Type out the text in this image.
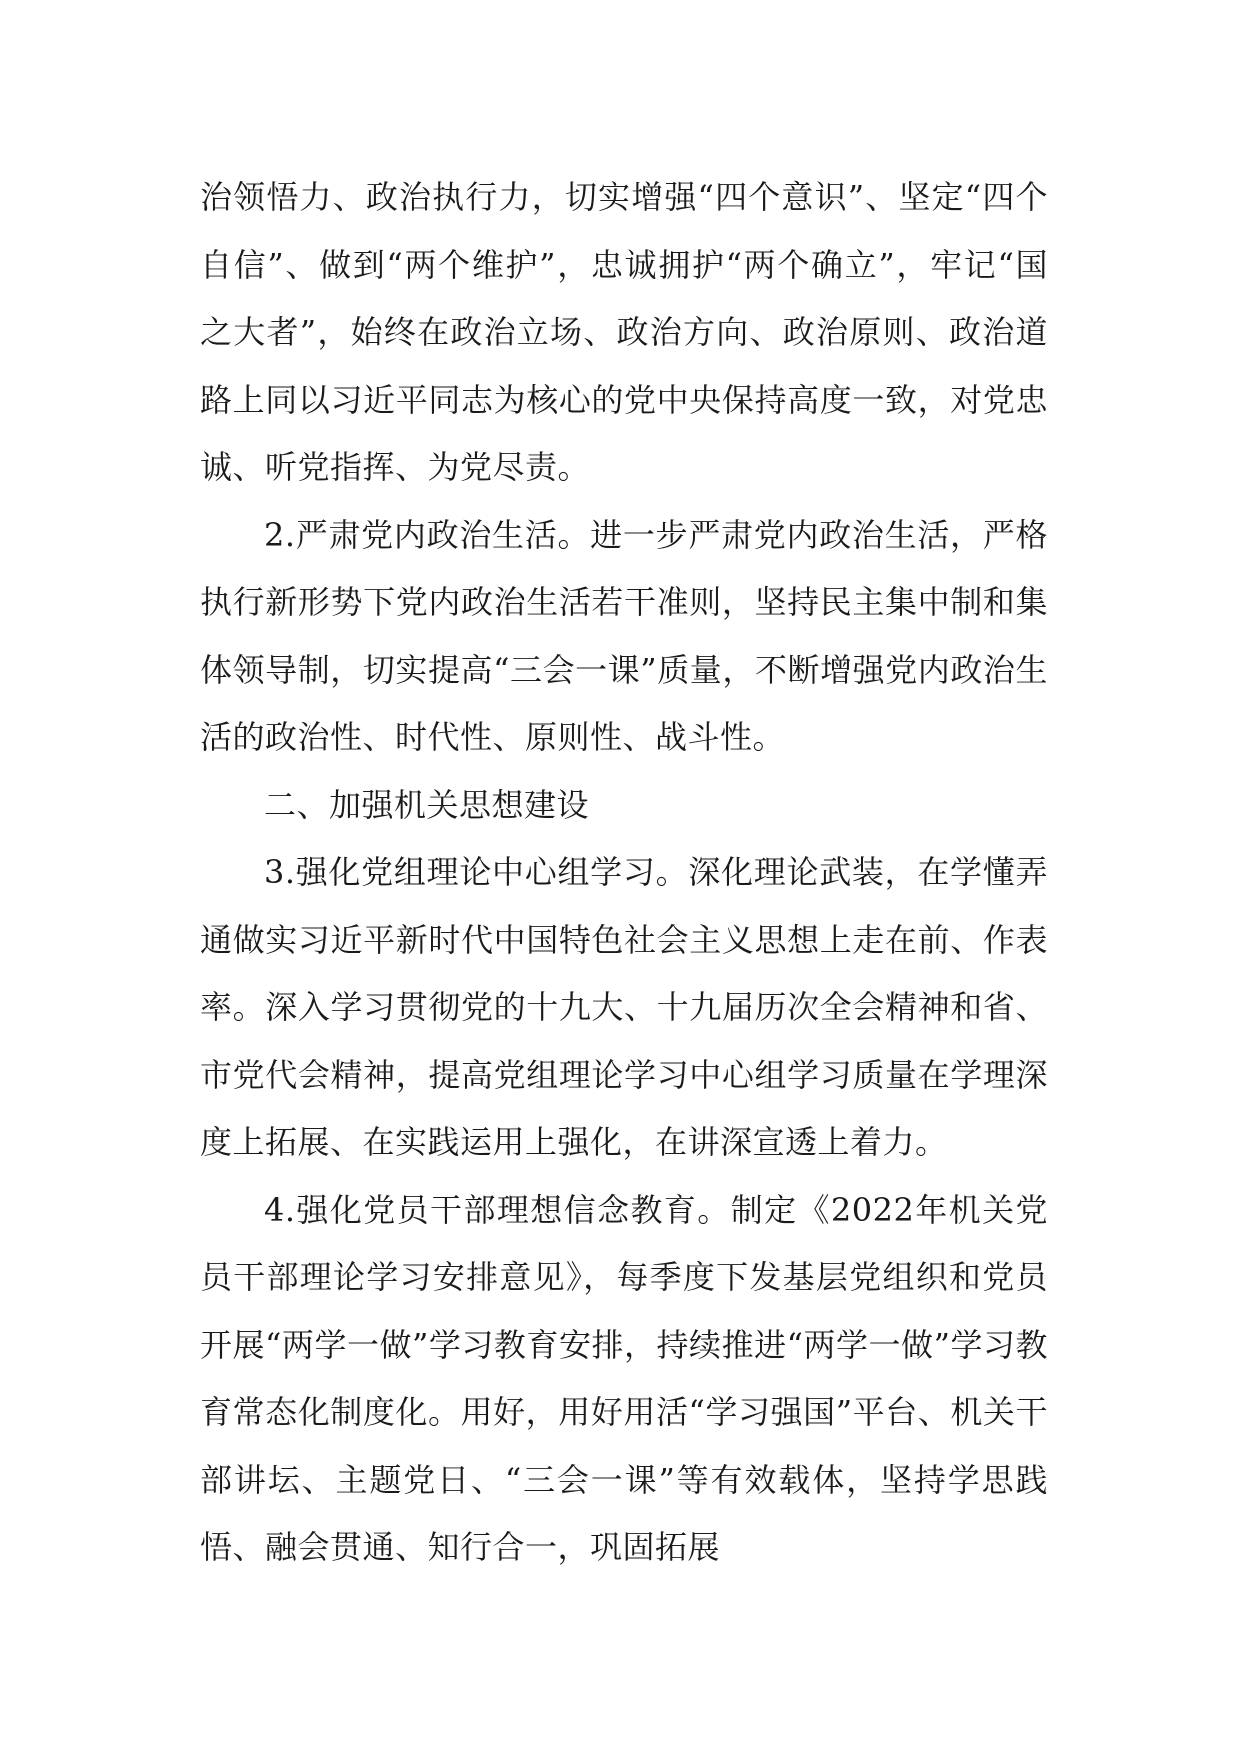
治领悟力、政治执行力，切实增强“四个意识”、坚定“四个自信”、做到“两个维护”，忠诚拥护“两个确立”，牢记“国之大者”，始终在政治立场、政治方向、政治原则、政治道路上同以习近平同志为核心的党中央保持高度一致，对党忠诚、听党指挥、为党尽责。

2.严肃党内政治生活。进一步严肃党内政治生活，严格执行新形势下党内政治生活若干准则，坚持民主集中制和集体领导制，切实提高“三会一课”质量，不断增强党内政治生活的政治性、时代性、原则性、战斗性。

二、加强机关思想建设

3.强化党组理论中心组学习。深化理论武装，在学懂弄通做实习近平新时代中国特色社会主义思想上走在前、作表率。深入学习贯彻党的十九大、十九届历次全会精神和省、市党代会精神，提高党组理论学习中心组学习质量在学理深度上拓展、在实践运用上强化，在讲深宣透上着力。

4.强化党员干部理想信念教育。制定《2022年机关党员干部理论学习安排意见》，每季度下发基层党组织和党员开展“两学一做”学习教育安排，持续推进“两学一做”学习教育常态化制度化。用好，用好用活“学习强国”平台、机关干部讲坛、主题党日、“三会一课”等有效载体，坚持学思践悟、融会贯通、知行合一，巩固拓展
